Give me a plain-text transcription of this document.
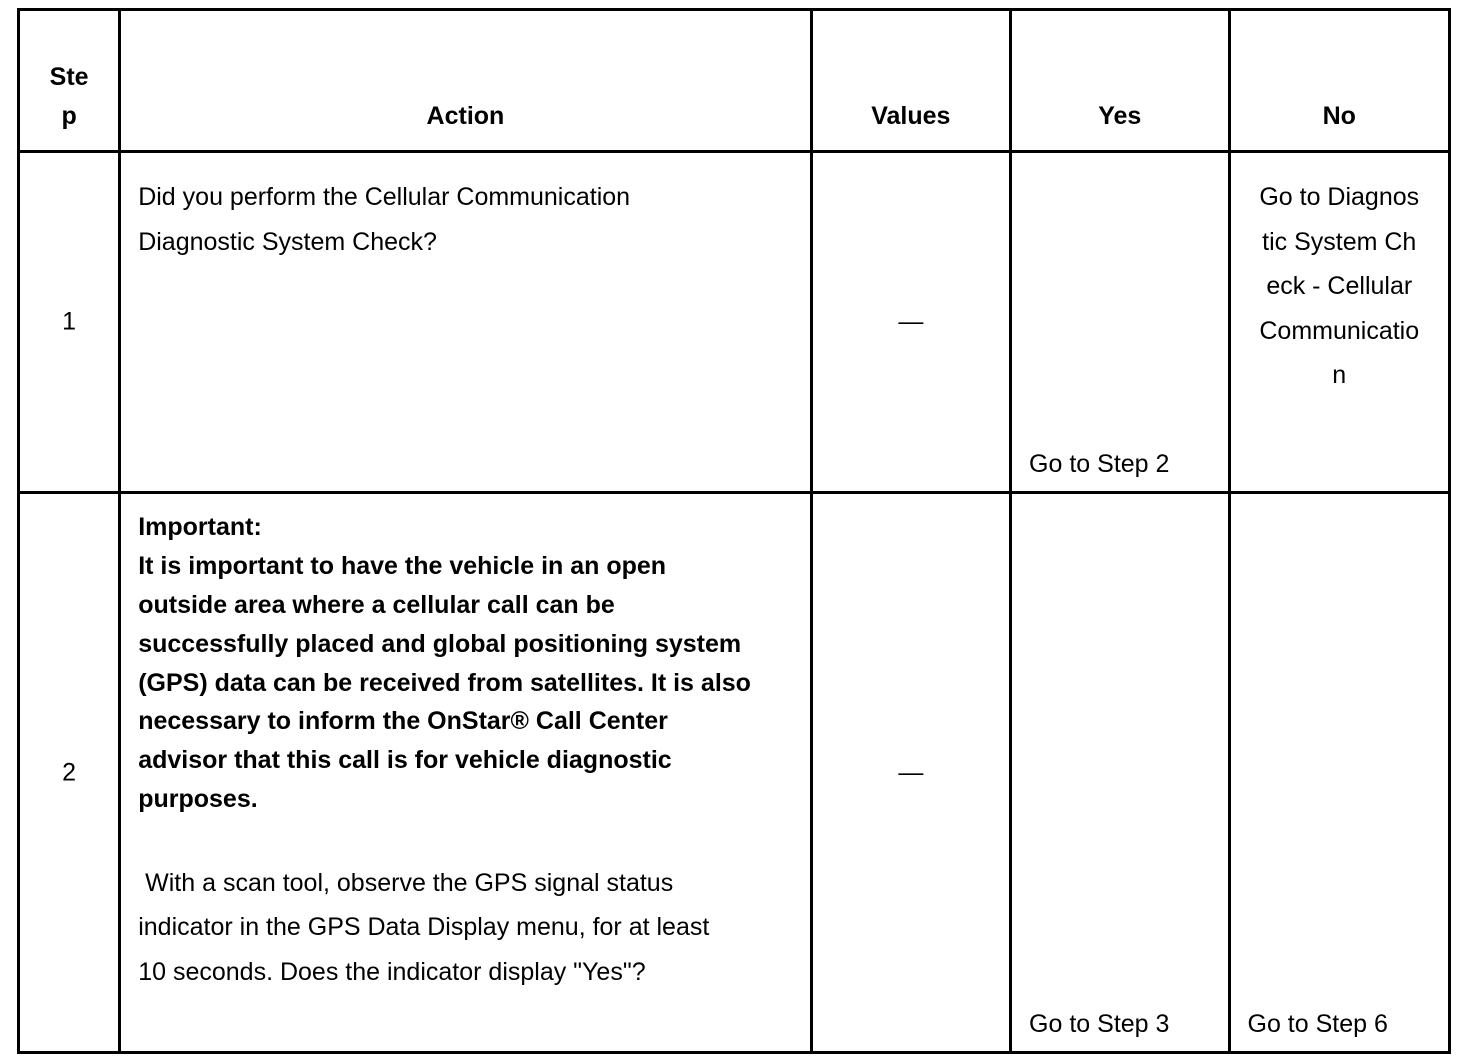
Step	Action	Values	Yes	No

1	Did you perform the Cellular Communication Diagnostic System Check?	—	Go to Step 2	Go to Diagnostic System Check - Cellular Communication

2	Important:
It is important to have the vehicle in an open outside area where a cellular call can be successfully placed and global positioning system (GPS) data can be received from satellites. It is also necessary to inform the OnStar® Call Center advisor that this call is for vehicle diagnostic purposes.
With a scan tool, observe the GPS signal status indicator in the GPS Data Display menu, for at least 10 seconds. Does the indicator display "Yes"?	—	Go to Step 3	Go to Step 6
